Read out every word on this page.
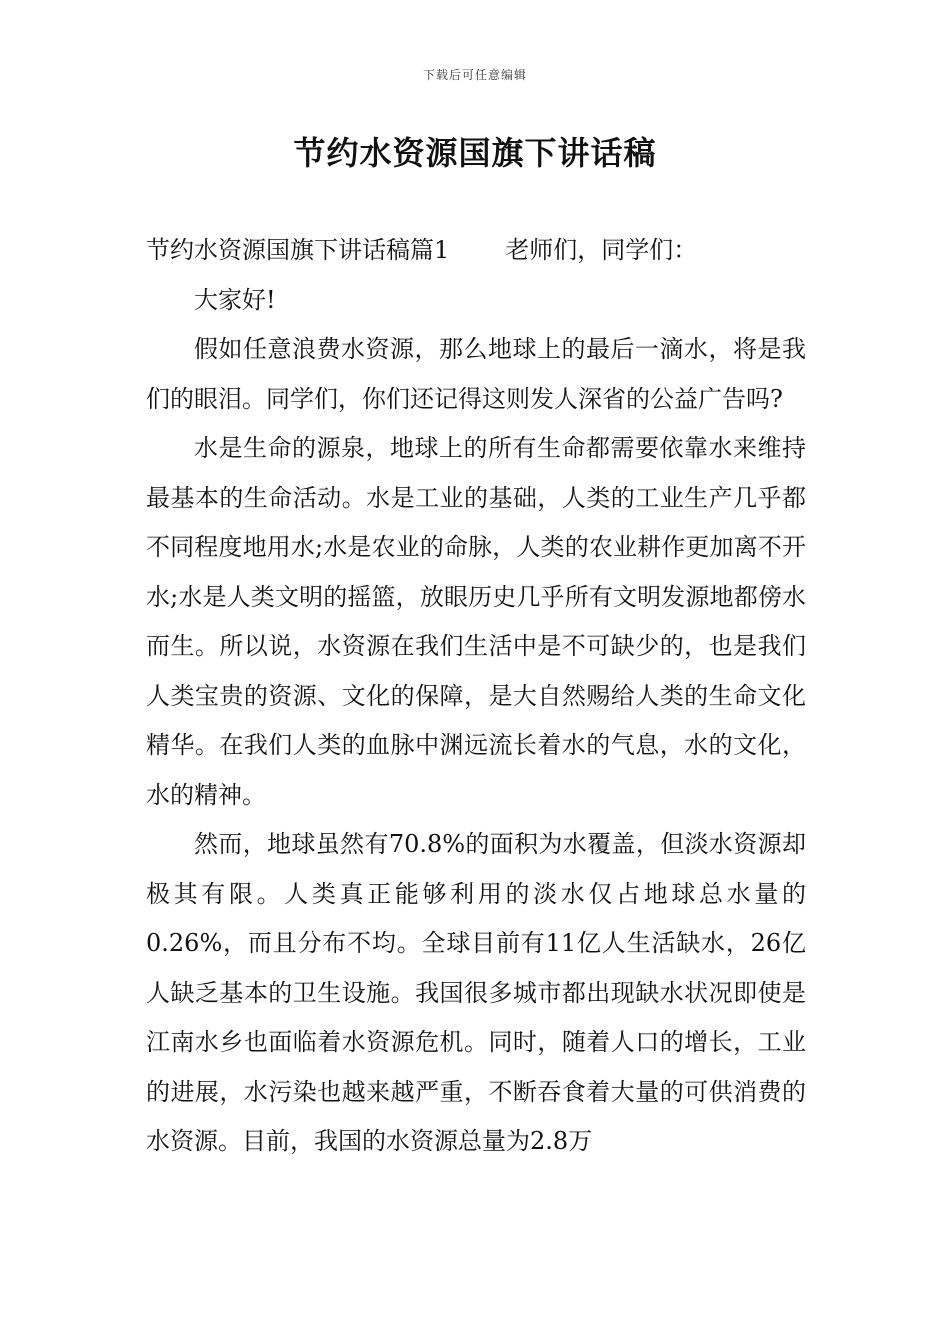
下载后可任意编辑
节约水资源国旗下讲话稿

节约水资源国旗下讲话稿篇1 老师们，同学们：

大家好!

假如任意浪费水资源，那么地球上的最后一滴水，将是我们的眼泪。同学们，你们还记得这则发人深省的公益广告吗?

水是生命的源泉，地球上的所有生命都需要依靠水来维持最基本的生命活动。水是工业的基础，人类的工业生产几乎都不同程度地用水;水是农业的命脉，人类的农业耕作更加离不开水;水是人类文明的摇篮，放眼历史几乎所有文明发源地都傍水而生。所以说，水资源在我们生活中是不可缺少的，也是我们人类宝贵的资源、文化的保障，是大自然赐给人类的生命文化精华。在我们人类的血脉中渊远流长着水的气息，水的文化，水的精神。

然而，地球虽然有70.8%的面积为水覆盖，但淡水资源却极其有限。人类真正能够利用的淡水仅占地球总水量的0.26%，而且分布不均。全球目前有11亿人生活缺水，26亿人缺乏基本的卫生设施。我国很多城市都出现缺水状况即使是江南水乡也面临着水资源危机。同时，随着人口的增长，工业的进展，水污染也越来越严重，不断吞食着大量的可供消费的水资源。目前，我国的水资源总量为2.8万
